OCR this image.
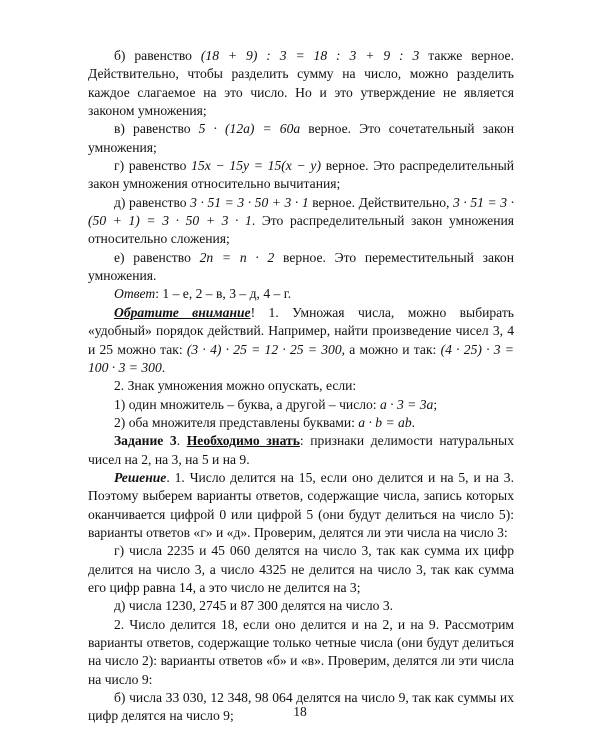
б) равенство (18 + 9) : 3 = 18 : 3 + 9 : 3 также верное. Действительно, чтобы разделить сумму на число, можно разделить каждое слагаемое на это число. Но и это утверждение не является законом умножения;

в) равенство 5 · (12a) = 60a верное. Это сочетательный закон умножения;

г) равенство 15x − 15y = 15(x − y) верное. Это распределительный закон умножения относительно вычитания;

д) равенство 3 · 51 = 3 · 50 + 3 · 1 верное. Действительно, 3 · 51 = 3 · (50 + 1) = 3 · 50 + 3 · 1. Это распределительный закон умножения относительно сложения;

е) равенство 2n = n · 2 верное. Это переместительный закон умножения.

Ответ: 1 – е, 2 – в, 3 – д, 4 – г.

Обратите внимание! 1. Умножая числа, можно выбирать «удобный» порядок действий. Например, найти произведение чисел 3, 4 и 25 можно так: (3 · 4) · 25 = 12 · 25 = 300, а можно и так: (4 · 25) · 3 = 100 · 3 = 300.

2. Знак умножения можно опускать, если:

1) один множитель – буква, а другой – число: a · 3 = 3a;

2) оба множителя представлены буквами: a · b = ab.

Задание 3. Необходимо знать: признаки делимости натуральных чисел на 2, на 3, на 5 и на 9.

Решение. 1. Число делится на 15, если оно делится и на 5, и на 3. Поэтому выберем варианты ответов, содержащие числа, запись которых оканчивается цифрой 0 или цифрой 5 (они будут делиться на число 5): варианты ответов «г» и «д». Проверим, делятся ли эти числа на число 3:

г) числа 2235 и 45 060 делятся на число 3, так как сумма их цифр делится на число 3, а число 4325 не делится на число 3, так как сумма его цифр равна 14, а это число не делится на 3;

д) числа 1230, 2745 и 87 300 делятся на число 3.

2. Число делится 18, если оно делится и на 2, и на 9. Рассмотрим варианты ответов, содержащие только четные числа (они будут делиться на число 2): варианты ответов «б» и «в». Проверим, делятся ли эти числа на число 9:

б) числа 33 030, 12 348, 98 064 делятся на число 9, так как суммы их цифр делятся на число 9;	18
